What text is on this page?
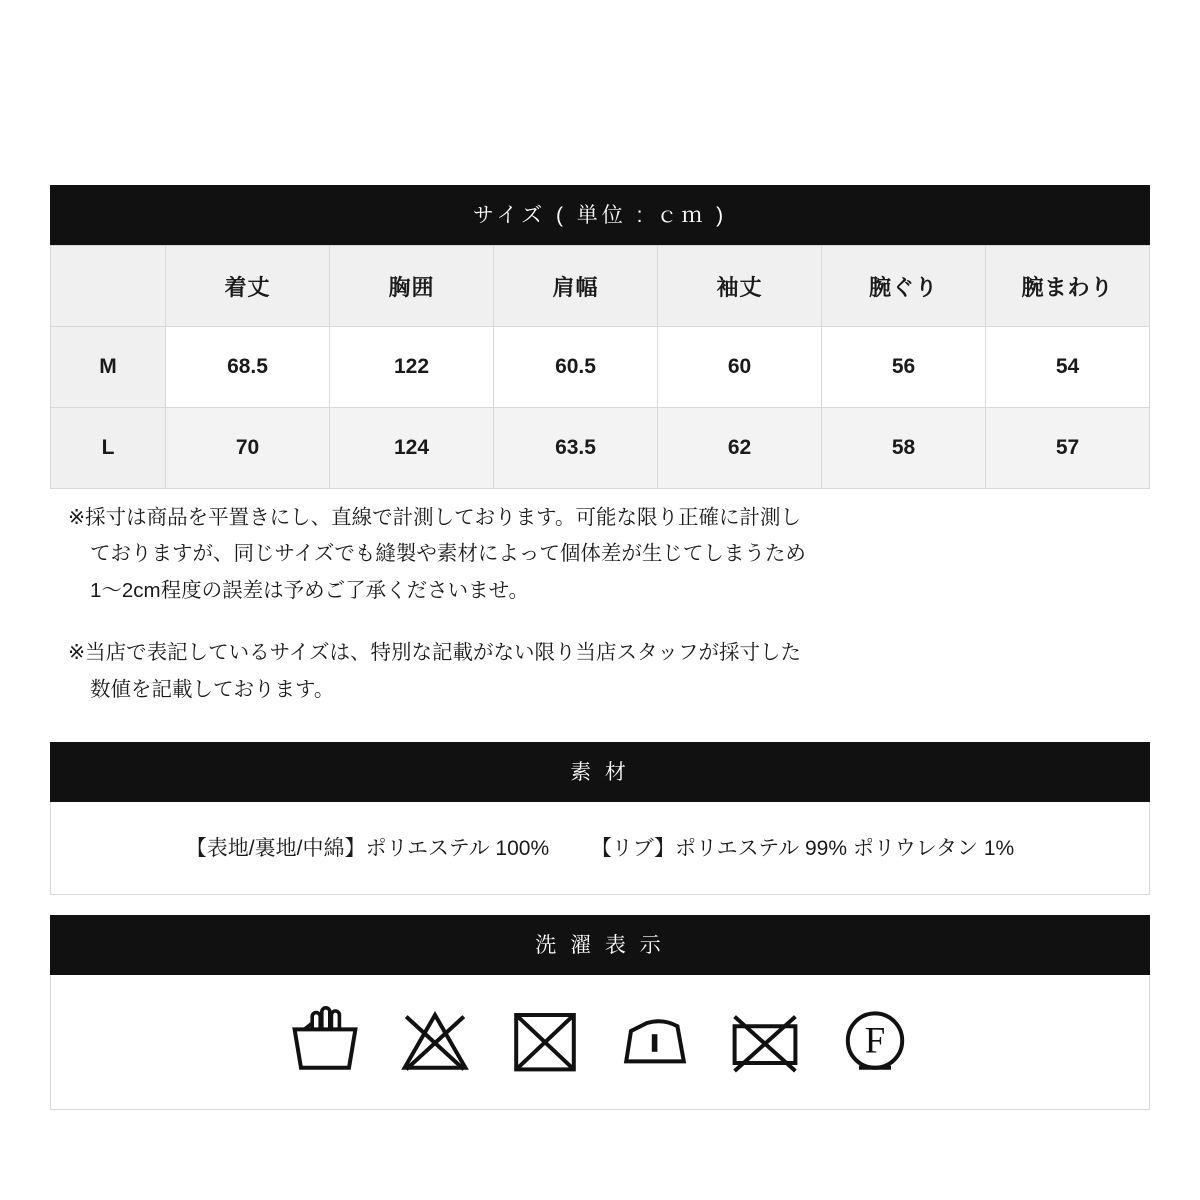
サイズ ( 単位 : ｃｍ )
	着丈	胸囲	肩幅	袖丈	腕ぐり	腕まわり
M	68.5	122	60.5	60	56	54
L	70	124	63.5	62	58	57
※採寸は商品を平置きにし、直線で計測しております。可能な限り正確に計測し
ておりますが、同じサイズでも縫製や素材によって個体差が生じてしまうため
1〜2cm程度の誤差は予めご了承くださいませ。
※当店で表記しているサイズは、特別な記載がない限り当店スタッフが採寸した
数値を記載しております。
素 材
【表地/裏地/中綿】ポリエステル 100% 【リブ】ポリエステル 99% ポリウレタン 1%
洗 濯 表 示
F
